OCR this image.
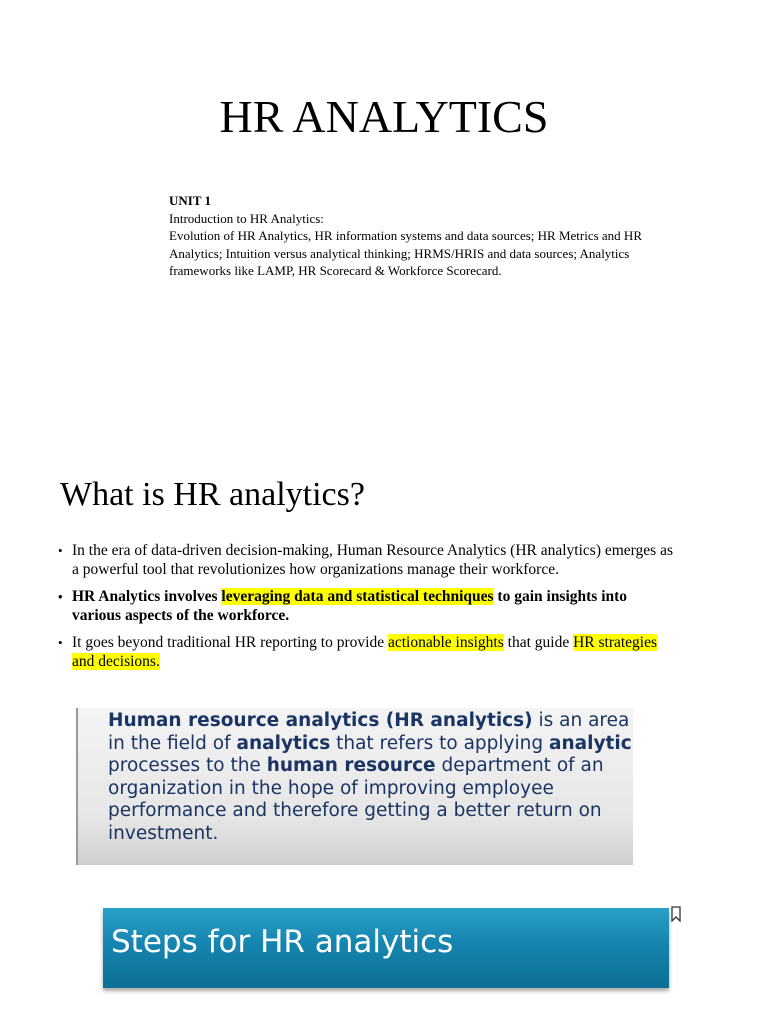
HR ANALYTICS
UNIT 1
Introduction to HR Analytics:
Evolution of HR Analytics, HR information systems and data sources; HR Metrics and HR Analytics; Intuition versus analytical thinking; HRMS/HRIS and data sources; Analytics frameworks like LAMP, HR Scorecard & Workforce Scorecard.
What is HR analytics?
• In the era of data-driven decision-making, Human Resource Analytics (HR analytics) emerges as a powerful tool that revolutionizes how organizations manage their workforce.
• HR Analytics involves leveraging data and statistical techniques to gain insights into various aspects of the workforce.
• It goes beyond traditional HR reporting to provide actionable insights that guide HR strategies and decisions.
Human resource analytics (HR analytics) is an area in the field of analytics that refers to applying analytic processes to the human resource department of an organization in the hope of improving employee performance and therefore getting a better return on investment.
Steps for HR analytics
